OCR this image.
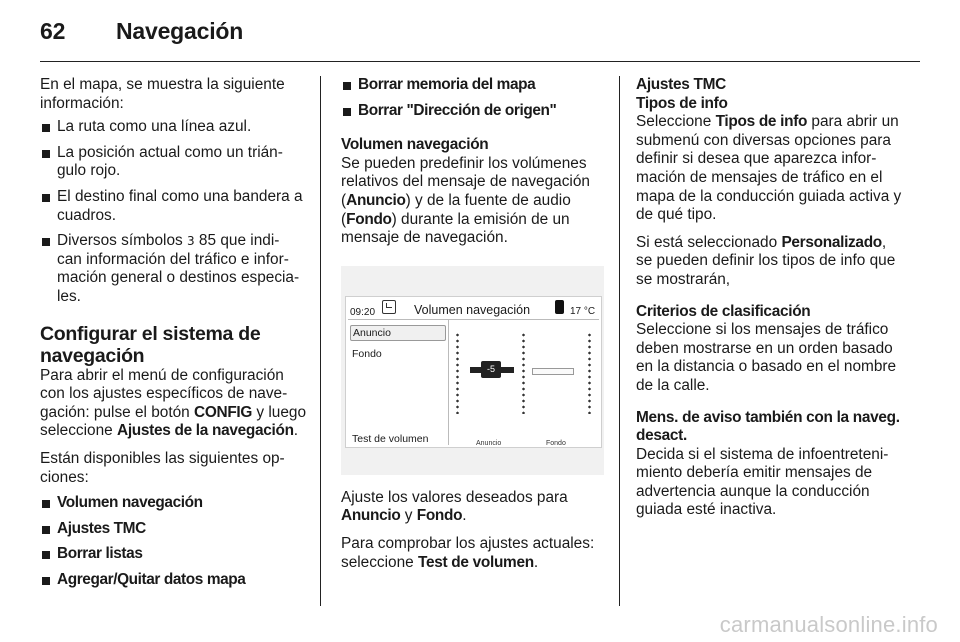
62 Navegación

En el mapa, se muestra la siguiente información:

La ruta como una línea azul.
La posición actual como un trián- gulo rojo.
El destino final como una bandera a cuadros.
Diversos símbolos 3 85 que indi- can información del tráfico e infor- mación general o destinos especia- les.
Configurar el sistema de navegación

Para abrir el menú de configuración con los ajustes específicos de nave- gación: pulse el botón CONFIG y luego seleccione Ajustes de la navegación.

Están disponibles las siguientes op- ciones:

Volumen navegación
Ajustes TMC
Borrar listas
Agregar/Quitar datos mapa
Borrar memoria del mapa
Borrar "Dirección de origen"
Volumen navegación

Se pueden predefinir los volúmenes relativos del mensaje de navegación (Anuncio) y de la fuente de audio (Fondo) durante la emisión de un mensaje de navegación.

09:20	Volumen navegación	17 °C
Anuncio
Fondo
Test de volumen
-5
Anuncio	Fondo

Ajuste los valores deseados para Anuncio y Fondo.

Para comprobar los ajustes actuales: seleccione Test de volumen.

Ajustes TMC
Tipos de info

Seleccione Tipos de info para abrir un submenú con diversas opciones para definir si desea que aparezca infor- mación de mensajes de tráfico en el mapa de la conducción guiada activa y de qué tipo.

Si está seleccionado Personalizado, se pueden definir los tipos de info que se mostrarán,

Criterios de clasificación

Seleccione si los mensajes de tráfico deben mostrarse en un orden basado en la distancia o basado en el nombre de la calle.

Mens. de aviso también con la naveg. desact.

Decida si el sistema de infoentreteni- miento debería emitir mensajes de advertencia aunque la conducción guiada esté inactiva.

carmanualsonline.info
